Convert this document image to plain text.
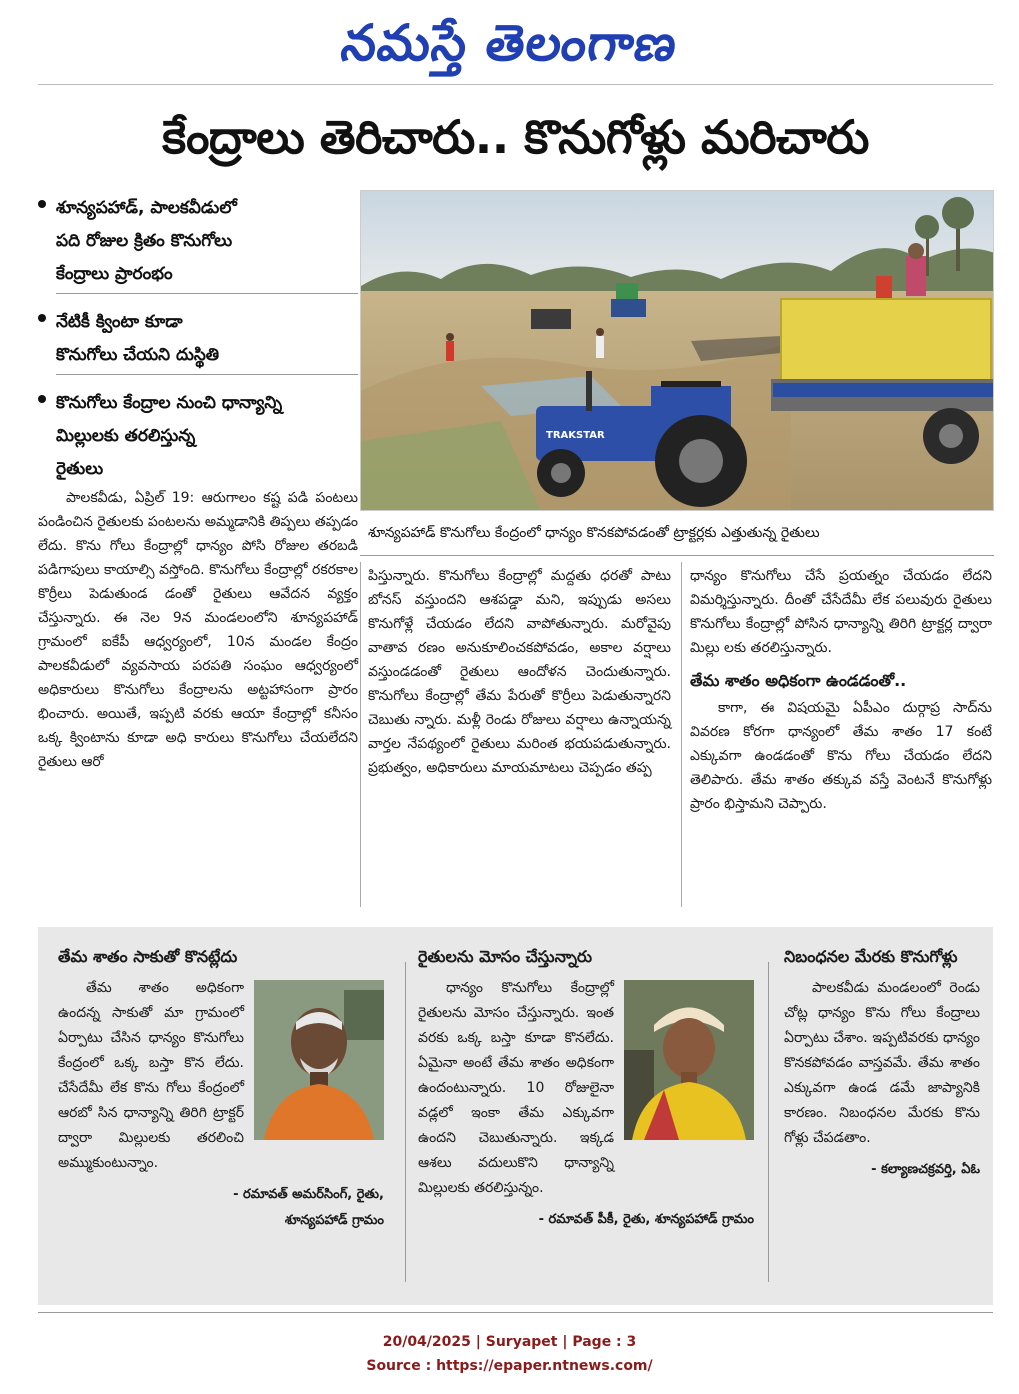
నమస్తే తెలంగాణ
కేంద్రాలు తెరిచారు.. కొనుగోళ్లు మరిచారు
శూన్యపహాడ్, పాలకవీడులో
పది రోజుల క్రితం కొనుగోలు
కేంద్రాలు ప్రారంభం
నేటికీ క్వింటా కూడా
కొనుగోలు చేయని దుస్థితి
కొనుగోలు కేంద్రాల నుంచి ధాన్యాన్ని
మిల్లులకు తరలిస్తున్న
రైతులు
TRAKSTAR
శూన్యపహాడ్ కొనుగోలు కేంద్రంలో ధాన్యం కొనకపోవడంతో ట్రాక్టర్లకు ఎత్తుతున్న రైతులు

పాలకవీడు, ఏప్రిల్ 19: ఆరుగాలం కష్ట పడి పంటలు పండించిన రైతులకు పంటలను అమ్మడానికి తిప్పలు తప్పడం లేదు. కొను గోలు కేంద్రాల్లో ధాన్యం పోసి రోజుల తరబడి పడిగాపులు కాయాల్సి వస్తోంది. కొనుగోలు కేంద్రాల్లో రకరకాల కొర్రీలు పెడుతుండ డంతో రైతులు ఆవేదన వ్యక్తం చేస్తున్నారు. ఈ నెల 9న మండలంలోని శూన్యపహాడ్ గ్రామంలో ఐకేపీ ఆధ్వర్యంలో, 10న మండల కేంద్రం పాలకవీడులో వ్యవసాయ పరపతి సంఘం ఆధ్వర్యంలో అధికారులు కొనుగోలు కేంద్రాలను అట్టహాసంగా ప్రారం భించారు. అయితే, ఇప్పటి వరకు ఆయా కేంద్రాల్లో కనీసం ఒక్క క్వింటాను కూడా అధి కారులు కొనుగోలు చేయలేదని రైతులు ఆరో

పిస్తున్నారు. కొనుగోలు కేంద్రాల్లో మద్దతు ధరతో పాటు బోనస్ వస్తుందని ఆశపడ్డా మని, ఇప్పుడు అసలు కొనుగోళ్లే చేయడం లేదని వాపోతున్నారు. మరోవైపు వాతావ రణం అనుకూలించకపోవడం, అకాల వర్షాలు వస్తుండడంతో రైతులు ఆందోళన చెందుతున్నారు. కొనుగోలు కేంద్రాల్లో తేమ పేరుతో కొర్రీలు పెడుతున్నారని చెబుతు న్నారు. మళ్లీ రెండు రోజులు వర్షాలు ఉన్నాయన్న వార్తల నేపథ్యంలో రైతులు మరింత భయపడుతున్నారు. ప్రభుత్వం, అధికారులు మాయమాటలు చెప్పడం తప్ప

ధాన్యం కొనుగోలు చేసే ప్రయత్నం చేయడం లేదని విమర్శిస్తున్నారు. దీంతో చేసేదేమీ లేక పలువురు రైతులు కొనుగోలు కేంద్రాల్లో పోసిన ధాన్యాన్ని తిరిగి ట్రాక్టర్ల ద్వారా మిల్లు లకు తరలిస్తున్నారు.

తేమ శాతం అధికంగా ఉండడంతో..

కాగా, ఈ విషయమై ఏపీఎం దుర్గాప్ర సాద్‌ను వివరణ కోరగా ధాన్యంలో తేమ శాతం 17 కంటే ఎక్కువగా ఉండడంతో కొను గోలు చేయడం లేదని తెలిపారు. తేమ శాతం తక్కువ వస్తే వెంటనే కొనుగోళ్లు ప్రారం భిస్తామని చెప్పారు.

తేమ శాతం సాకుతో కొనట్లేదు

తేమ శాతం అధికంగా ఉందన్న సాకుతో మా గ్రామంలో ఏర్పాటు చేసిన ధాన్యం కొనుగోలు కేంద్రంలో ఒక్క బస్తా కొన లేదు. చేసేదేమీ లేక కొను గోలు కేంద్రంలో ఆరబో సిన ధాన్యాన్ని తిరిగి ట్రాక్టర్ ద్వారా మిల్లులకు తరలించి అమ్ముకుంటున్నాం.

- రమావత్ అమర్‌సింగ్, రైతు,
శూన్యపహాడ్ గ్రామం
రైతులను మోసం చేస్తున్నారు

ధాన్యం కొనుగోలు కేంద్రాల్లో రైతులను మోసం చేస్తున్నారు. ఇంత వరకు ఒక్క బస్తా కూడా కొనలేదు. ఏమైనా అంటే తేమ శాతం అధికంగా ఉందంటున్నారు. 10 రోజులైనా వడ్లలో ఇంకా తేమ ఎక్కువగా ఉందని చెబుతున్నారు. ఇక్కడ ఆశలు వదులుకొని ధాన్యాన్ని మిల్లులకు తరలిస్తున్నం.

- రమావత్ పీకీ, రైతు, శూన్యపహాడ్ గ్రామం
నిబంధనల మేరకు కొనుగోళ్లు

పాలకవీడు మండలంలో రెండు చోట్ల ధాన్యం కొను గోలు కేంద్రాలు ఏర్పాటు చేశాం. ఇప్పటివరకు ధాన్యం కొనకపోవడం వాస్తవమే. తేమ శాతం ఎక్కువగా ఉండ డమే జాప్యానికి కారణం. నిబంధనల మేరకు కొను గోళ్లు చేపడతాం.

- కల్యాణచక్రవర్తి, ఏఓ
20/04/2025 | Suryapet | Page : 3
Source : https://epaper.ntnews.com/
